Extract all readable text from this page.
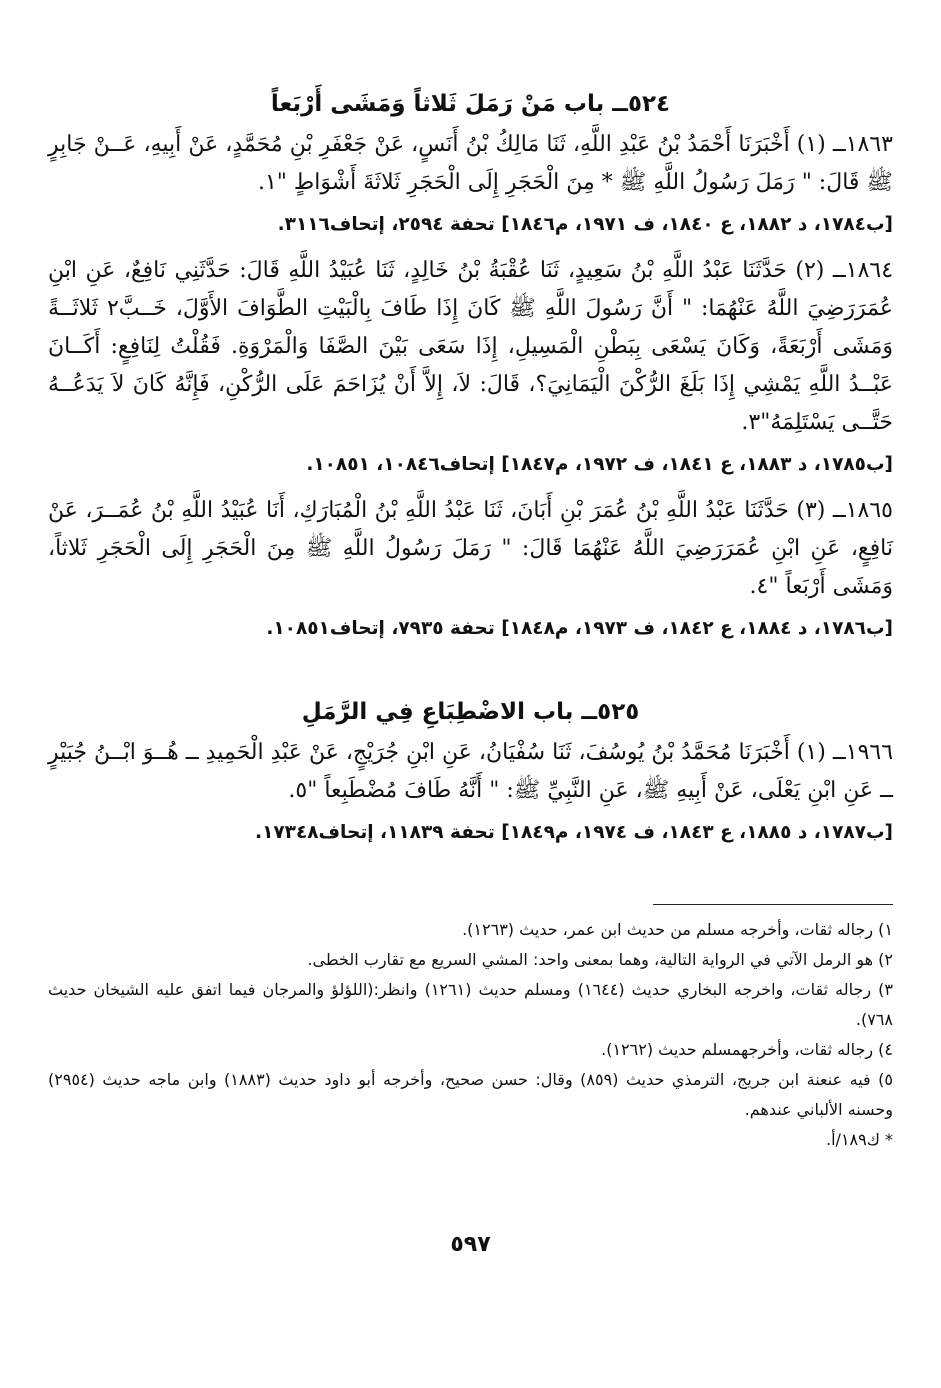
٥٢٤ــ باب مَنْ رَمَلَ ثَلاثاً وَمَشَى أَرْبَعاً

١٨٦٣ــ (١) أَخْبَرَنَا أَحْمَدُ بْنُ عَبْدِ اللَّهِ، ثَنَا مَالِكُ بْنُ أَنَسٍ، عَنْ جَعْفَرِ بْنِ مُحَمَّدٍ، عَنْ أَبِيهِ، عَــنْ جَابِرٍ ﷺ قَالَ: " رَمَلَ رَسُولُ اللَّهِ ﷺ * مِنَ الْحَجَرِ إِلَى الْحَجَرِ ثَلاثَةَ أَشْوَاطٍ "١.

[ب١٧٨٤، د ١٨٨٢، ع ١٨٤٠، ف ١٩٧١، م١٨٤٦] تحفة ٢٥٩٤، إتحاف٣١١٦.

١٨٦٤ــ (٢) حَدَّثَنَا عَبْدُ اللَّهِ بْنُ سَعِيدٍ، ثَنَا عُقْبَةُ بْنُ خَالِدٍ، ثَنَا عُبَيْدُ اللَّهِ قَالَ: حَدَّثَنِي نَافِعٌ، عَنِ ابْنِ عُمَرَرَضِيَ اللَّهُ عَنْهُمَا: " أَنَّ رَسُولَ اللَّهِ ﷺ كَانَ إِذَا طَافَ بِالْبَيْتِ الطَّوَافَ الأَوَّلَ، خَــبَّ٢ ثَلاثَــةً وَمَشَى أَرْبَعَةً، وَكَانَ يَسْعَى بِبَطْنِ الْمَسِيلِ، إِذَا سَعَى بَيْنَ الصَّفَا وَالْمَرْوَةِ. فَقُلْتُ لِنَافِعٍ: أَكَــانَ عَبْــدُ اللَّهِ يَمْشِي إِذَا بَلَغَ الرُّكْنَ الْيَمَانِيَ؟، قَالَ: لاَ، إِلاَّ أَنْ يُزَاحَمَ عَلَى الرُّكْنِ، فَإِنَّهُ كَانَ لاَ يَدَعُــهُ حَتَّــى يَسْتَلِمَهُ"٣.

[ب١٧٨٥، د ١٨٨٣، ع ١٨٤١، ف ١٩٧٢، م١٨٤٧] إتحاف١٠٨٤٦، ١٠٨٥١.

١٨٦٥ــ (٣) حَدَّثَنَا عَبْدُ اللَّهِ بْنُ عُمَرَ بْنِ أَبَانَ، ثَنَا عَبْدُ اللَّهِ بْنُ الْمُبَارَكِ، أَنَا عُبَيْدُ اللَّهِ بْنُ عُمَــرَ، عَنْ نَافِعٍ، عَنِ ابْنِ عُمَرَرَضِيَ اللَّهُ عَنْهُمَا قَالَ: " رَمَلَ رَسُولُ اللَّهِ ﷺ مِنَ الْحَجَرِ إِلَى الْحَجَرِ ثَلاثاً، وَمَشَى أَرْبَعاً "٤.

[ب١٧٨٦، د ١٨٨٤، ع ١٨٤٢، ف ١٩٧٣، م١٨٤٨] تحفة ٧٩٣٥، إتحاف١٠٨٥١.

٥٢٥ــ باب الاضْطِبَاعِ فِي الرَّمَلِ

١٩٦٦ــ (١) أَخْبَرَنَا مُحَمَّدُ بْنُ يُوسُفَ، ثَنَا سُفْيَانُ، عَنِ ابْنِ جُرَيْجٍ، عَنْ عَبْدِ الْحَمِيدِ ــ هُــوَ ابْــنُ جُبَيْرٍ ــ عَنِ ابْنِ يَعْلَى، عَنْ أَبِيهِ ﷺ، عَنِ النَّبِيِّ ﷺ: " أَنَّهُ طَافَ مُضْطَبِعاً "٥.

[ب١٧٨٧، د ١٨٨٥، ع ١٨٤٣، ف ١٩٧٤، م١٨٤٩] تحفة ١١٨٣٩، إتحاف١٧٣٤٨.

١) رجاله ثقات، وأخرجه مسلم من حديث ابن عمر، حديث (١٢٦٣).

٢) هو الرمل الآتي في الرواية التالية، وهما بمعنى واحد: المشي السريع مع تقارب الخطى.

٣) رجاله ثقات، واخرجه البخاري حديث (١٦٤٤) ومسلم حديث (١٢٦١) وانظر:(اللؤلؤ والمرجان فيما اتفق عليه الشيخان حديث ٧٦٨).

٤) رجاله ثقات، وأخرجهمسلم حديث (١٢٦٢).

٥) فيه عنعنة ابن جريج، الترمذي حديث (٨٥٩) وقال: حسن صحيح، وأخرجه أبو داود حديث (١٨٨٣) وابن ماجه حديث (٢٩٥٤) وحسنه الألباني عندهم.

* ك١٨٩/أ.

٥٩٧
